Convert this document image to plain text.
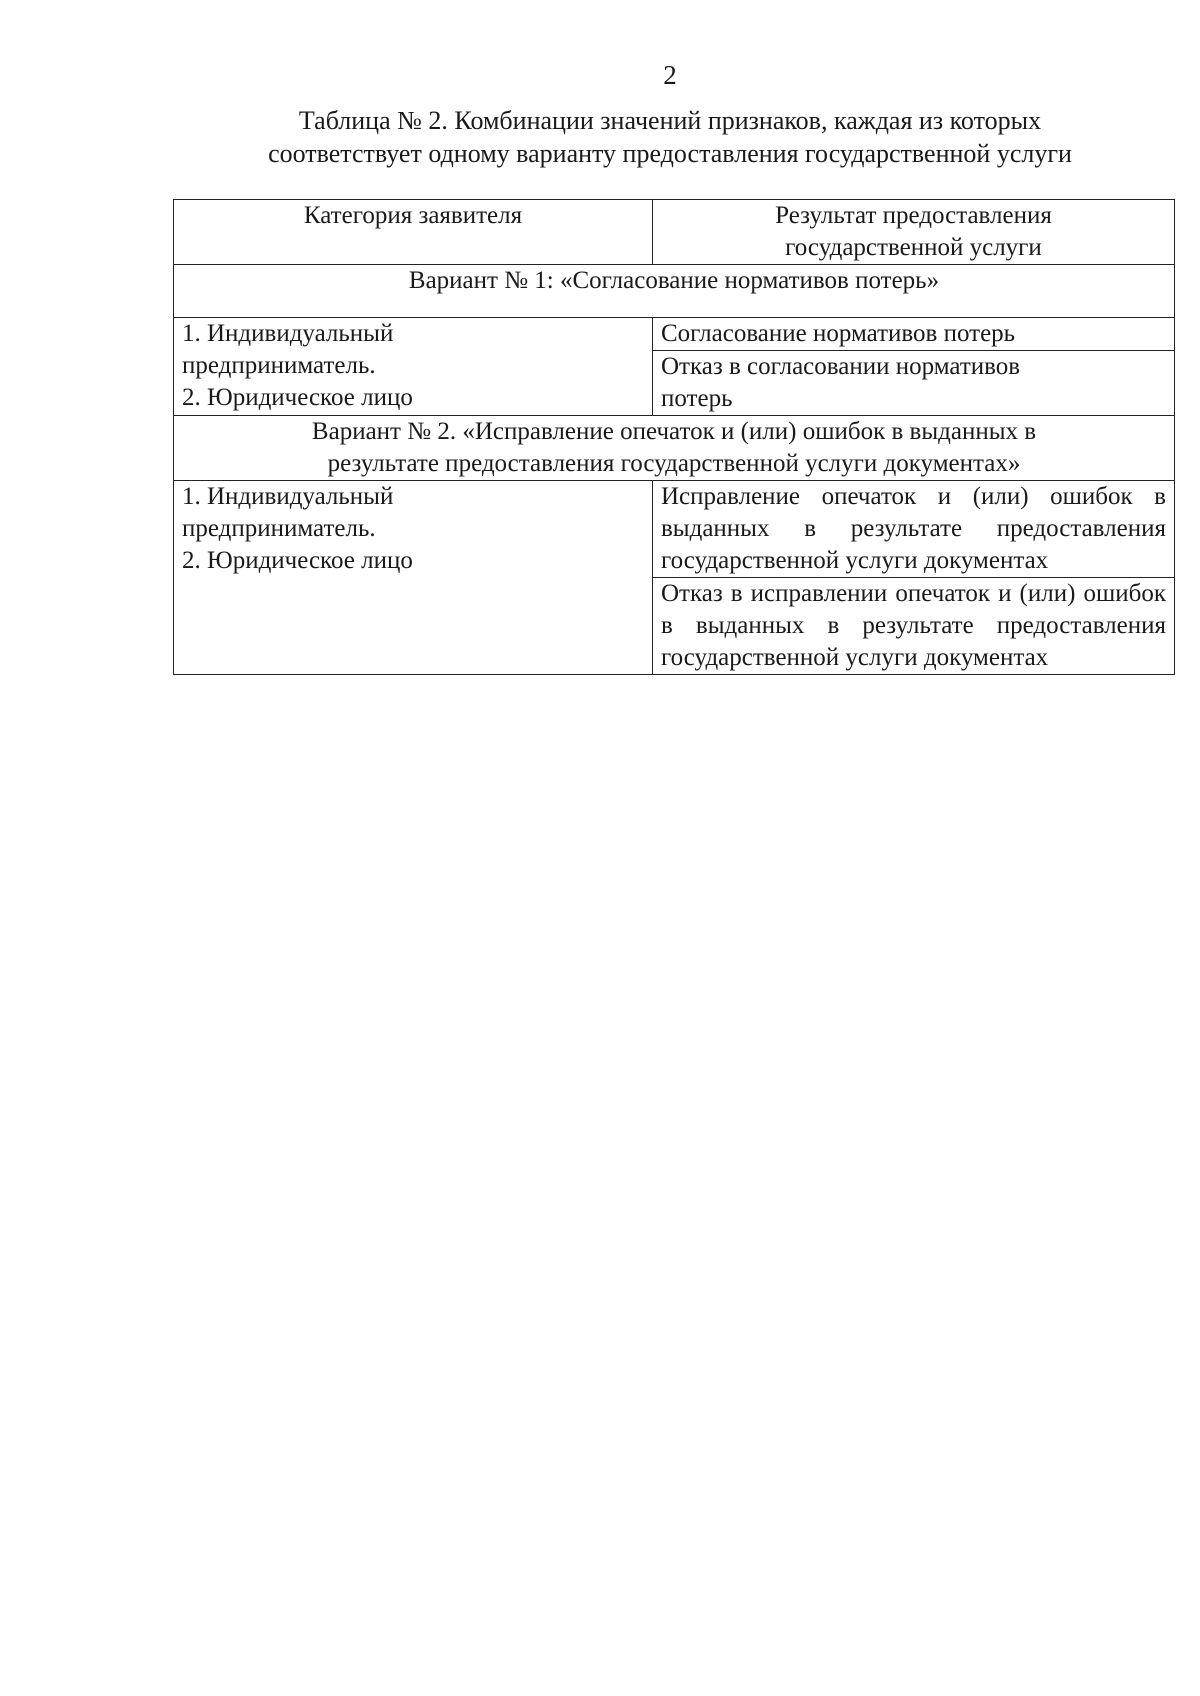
2
Таблица № 2. Комбинации значений признаков, каждая из которых
соответствует одному варианту предоставления государственной услуги
Категория заявителя	Результат предоставления
государственной услуги

Вариант № 1: «Согласование нормативов потерь»	

1. Индивидуальный
предприниматель.
2. Юридическое лицо	Согласование нормативов потерь

	Отказ в согласовании нормативов
потерь

Вариант № 2. «Исправление опечаток и (или) ошибок в выданных в
результате предоставления государственной услуги документах»	

1. Индивидуальный
предприниматель.
2. Юридическое лицо	Исправление опечаток и (или) ошибок в выданных в результате предоставления государственной услуги документах
	Отказ в исправлении опечаток и (или) ошибок в выданных в результате предоставления государственной услуги документах
